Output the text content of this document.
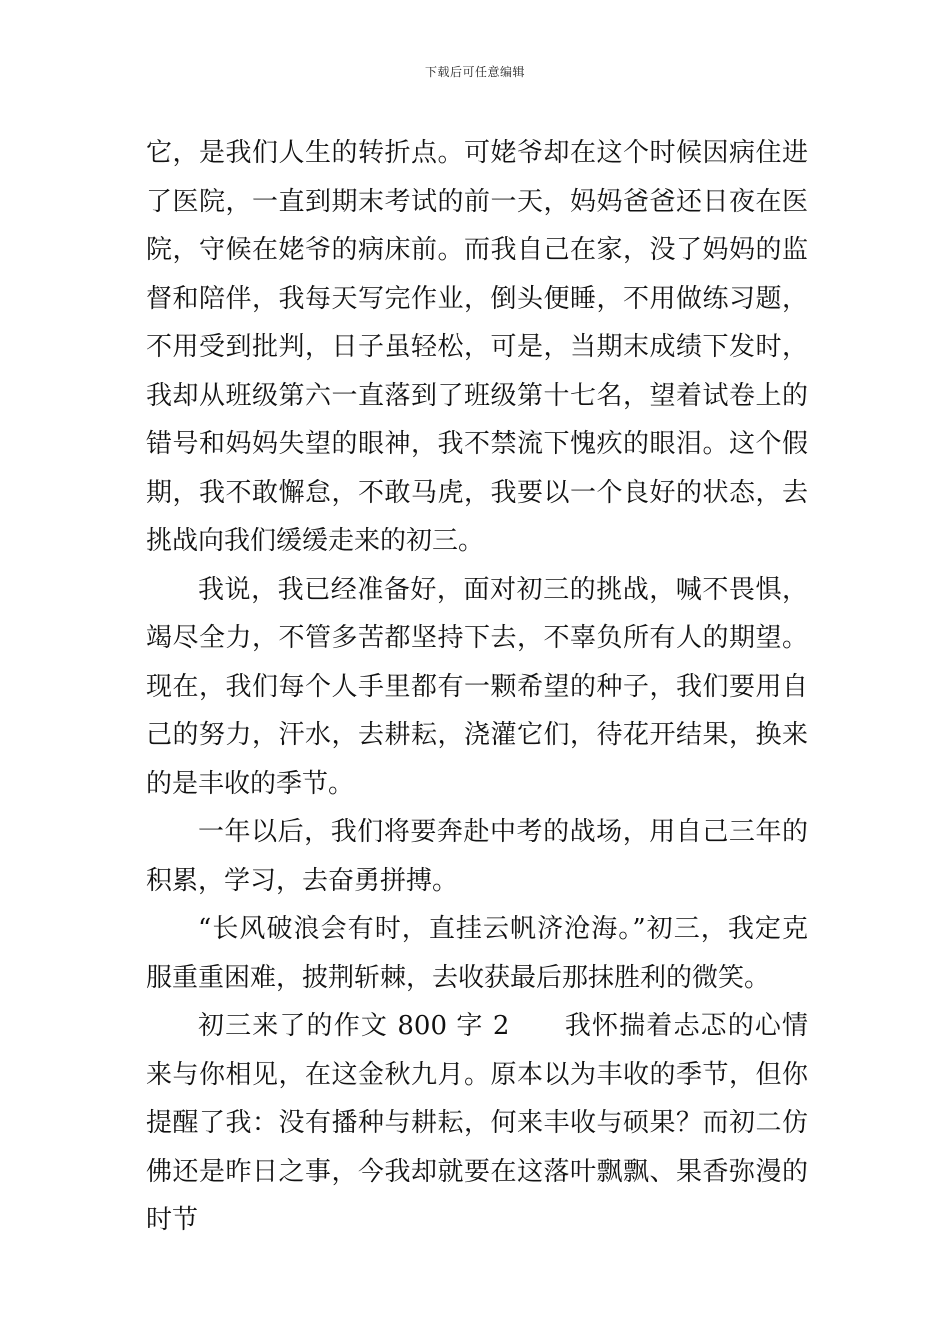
下载后可任意编辑

它，是我们人生的转折点。可姥爷却在这个时候因病住进了医院，一直到期末考试的前一天，妈妈爸爸还日夜在医院，守候在姥爷的病床前。而我自己在家，没了妈妈的监督和陪伴，我每天写完作业，倒头便睡，不用做练习题，不用受到批判，日子虽轻松，可是，当期末成绩下发时，我却从班级第六一直落到了班级第十七名，望着试卷上的错号和妈妈失望的眼神，我不禁流下愧疚的眼泪。这个假期，我不敢懈怠，不敢马虎，我要以一个良好的状态，去挑战向我们缓缓走来的初三。

我说，我已经准备好，面对初三的挑战，喊不畏惧，竭尽全力，不管多苦都坚持下去，不辜负所有人的期望。现在，我们每个人手里都有一颗希望的种子，我们要用自己的努力，汗水，去耕耘，浇灌它们，待花开结果，换来的是丰收的季节。

一年以后，我们将要奔赴中考的战场，用自己三年的积累，学习，去奋勇拼搏。

“长风破浪会有时，直挂云帆济沧海。”初三，我定克服重重困难，披荆斩棘，去收获最后那抹胜利的微笑。

初三来了的作文 800 字 2　　我怀揣着忐忑的心情来与你相见，在这金秋九月。原本以为丰收的季节，但你提醒了我：没有播种与耕耘，何来丰收与硕果？而初二仿佛还是昨日之事，今我却就要在这落叶飘飘、果香弥漫的时节
